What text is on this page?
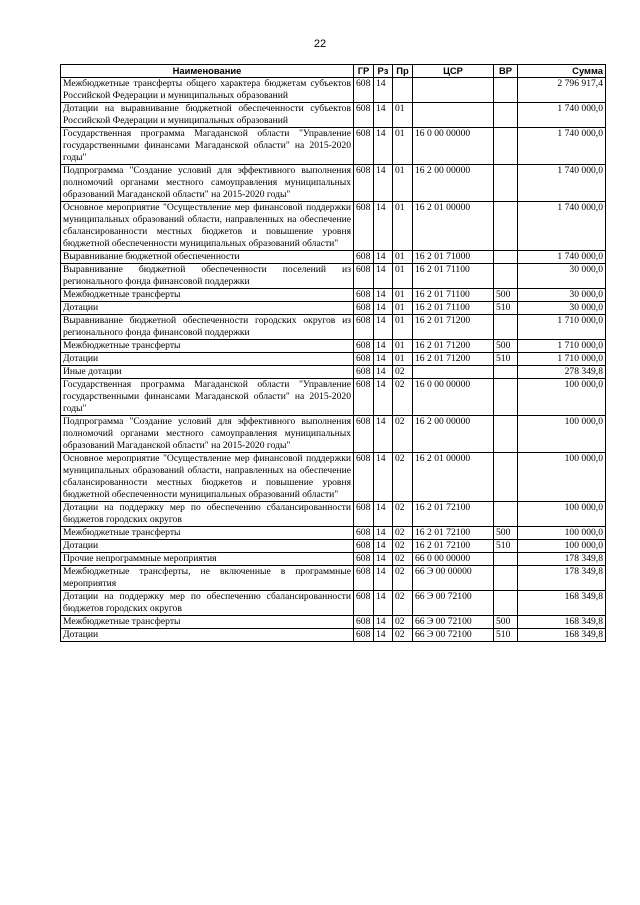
22
Наименование	ГР	Рз	Пр	ЦСР	ВР	Сумма
Межбюджетные трансферты общего характера бюджетам субъектов Российской Федерации и муниципальных образований	608	14				2 796 917,4
Дотации на выравнивание бюджетной обеспеченности субъектов Российской Федерации и муниципальных образований	608	14	01			1 740 000,0
Государственная программа Магаданской области "Управление государственными финансами Магаданской области" на 2015-2020 годы"	608	14	01	16 0 00 00000		1 740 000,0
Подпрограмма "Создание условий для эффективного выполнения полномочий органами местного самоуправления муниципальных образований Магаданской области" на 2015-2020 годы"	608	14	01	16 2 00 00000		1 740 000,0
Основное мероприятие "Осуществление мер финансовой поддержки муниципальных образований области, направленных на обеспечение сбалансированности местных бюджетов и повышение уровня бюджетной обеспеченности муниципальных образований области"	608	14	01	16 2 01 00000		1 740 000,0
Выравнивание бюджетной обеспеченности	608	14	01	16 2 01 71000		1 740 000,0
Выравнивание бюджетной обеспеченности поселений из регионального фонда финансовой поддержки	608	14	01	16 2 01 71100		30 000,0
Межбюджетные трансферты	608	14	01	16 2 01 71100	500	30 000,0
Дотации	608	14	01	16 2 01 71100	510	30 000,0
Выравнивание бюджетной обеспеченности городских округов из регионального фонда финансовой поддержки	608	14	01	16 2 01 71200		1 710 000,0
Межбюджетные трансферты	608	14	01	16 2 01 71200	500	1 710 000,0
Дотации	608	14	01	16 2 01 71200	510	1 710 000,0
Иные дотации	608	14	02			278 349,8
Государственная программа Магаданской области "Управление государственными финансами Магаданской области" на 2015-2020 годы"	608	14	02	16 0 00 00000		100 000,0
Подпрограмма "Создание условий для эффективного выполнения полномочий органами местного самоуправления муниципальных образований Магаданской области" на 2015-2020 годы"	608	14	02	16 2 00 00000		100 000,0
Основное мероприятие "Осуществление мер финансовой поддержки муниципальных образований области, направленных на обеспечение сбалансированности местных бюджетов и повышение уровня бюджетной обеспеченности муниципальных образований области"	608	14	02	16 2 01 00000		100 000,0
Дотации на поддержку мер по обеспечению сбалансированности бюджетов городских округов	608	14	02	16 2 01 72100		100 000,0
Межбюджетные трансферты	608	14	02	16 2 01 72100	500	100 000,0
Дотации	608	14	02	16 2 01 72100	510	100 000,0
Прочие непрограммные мероприятия	608	14	02	66 0 00 00000		178 349,8
Межбюджетные трансферты, не включенные в программные мероприятия	608	14	02	66 Э 00 00000		178 349,8
Дотации на поддержку мер по обеспечению сбалансированности бюджетов городских округов	608	14	02	66 Э 00 72100		168 349,8
Межбюджетные трансферты	608	14	02	66 Э 00 72100	500	168 349,8
Дотации	608	14	02	66 Э 00 72100	510	168 349,8
